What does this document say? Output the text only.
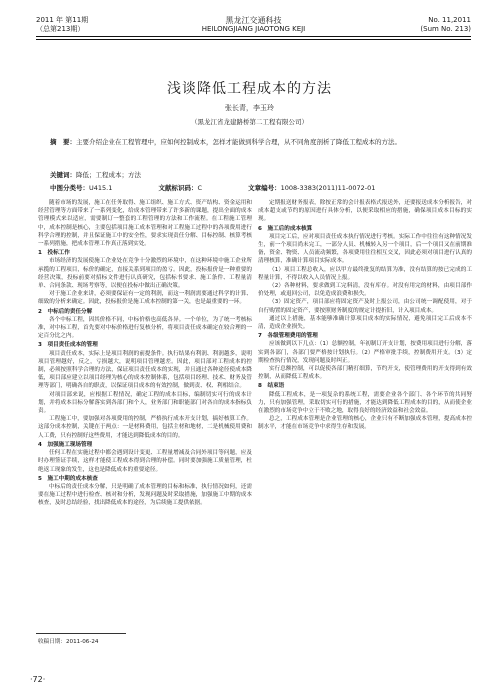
2011 年 第11期
（总第213期）
黑龙江交通科技
HEILONGJIANG JIAOTONG KEJI
No. 11,2011
(Sum No. 213)
浅谈降低工程成本的方法
张长青，李玉玲
（黑龙江省龙建路桥第二工程有限公司）
摘　要：主要介绍企业在工程管理中，应如何控制成本，怎样才能做到科学合理，从不同角度剖析了降低工程成本的方法。
关键词：降低；工程成本；方法
中图分类号：U415.1	文献标识码：C	文章编号：1008-3383(2011)11-0072-01

随着市场的发展，施工在任务取得、施工组织、施工方式、资产结构、资金运用和经营管理等方面带来了一系列变化，给成本管理带来了许多新的课题，提出全面的成本管理模式来以适应，需要制订一整套的工程管理的方法和工作流程。在工程施工管理中，成本控制是核心，主要包括项目施工成本管理和对工程施工过程中的各项费用进行科学合理的控制，并且保证施工中的安全性，要求实现责任分解、目标控制、核算考核一系列措施，把成本管理工作真正落到实处。

1　投标工作

市场经济的发展使施工企业处在竞争十分激烈的环境中，在这种环境中施工企业所承揽的工程项目，标价的确定，直接关系到项目的盈亏。因此，投标报价是一种重要的经营决策，投标前要对招标文件进行认真研究，包括标书要求、施工条件、工程量清单、合同条款、现场考察等，以便在投标中做出正确决策。

对于施工企业来讲，必须要保证有一定的利润，而这一利润需要通过科学的计算、细致的分析来确定。因此，投标报价是施工成本控制的第一关，也是最重要的一环。

2　中标后的责任分解

各个中标工程，因其价格不同，中标价格也高低各异。一个单位，为了统一考核标准，对中标工程，首先要对中标价格进行复核分析，将项目责任成本确定在较合理的一定百分比之内。

3　项目责任成本的管理

项目责任成本，实际上是项目利润的前提条件。执行结果有利润、利润越多，说明项目管理越好，反之，亏损越大，说明项目管理越差。因此，项目部对工程成本的控制，必须按照科学合理的方法，保证项目责任成本的实现，并且通过各种途径使成本降低，项目部应建立以项目经理为核心的成本控制体系，包括项目经理、技术、财务及管理等部门，明确各自的职责，以保证项目成本的有效控制，做到责、权、利相结合。

对项目部来说，应根据工程情况，确定工程的成本目标，编制切实可行的成本计划，并将成本目标分解落实到各部门和个人，业务部门和职能部门对各自的成本指标负责。

工程施工中，要加强对各项费用的控制，严格执行成本开支计划，搞好核算工作。这部分成本控制，关键在于两点：一是材料费用，包括主材和地材，二是机械使用费和人工费，只有控制好这些费用，才能达到降低成本的目的。

4　加强施工现场管理

任何工程在实施过程中都会遇到设计变更、工程量增减及合同外项目等问题，应及时办理签证手续，这样才能使工程成本得到合理的补偿。同时要加强施工质量管理，杜绝返工现象的发生，这也是降低成本的重要途径。

5　施工中期的成本核查

中标后的责任成本分解，只是明确了成本管理的目标和标准，执行情况如何，还需要在施工过程中进行检查、核对和分析，发现问题及时采取措施，加强施工中期的成本核查，及时总结经验，找出降低成本的途径，为后续施工提供依据。

定期报送财务报表，除按正常的会计报表格式报送外，还要报送成本分析报告，对成本超支或节约的原因进行具体分析，以便采取相应的措施，确保项目成本目标的实现。

6　施工后的成本核算

项目完工后，应对项目责任成本执行情况进行考核。实际工作中往往有这种情况发生，前一个项目尚未完工，一部分人员、机械转入另一个项目，后一个项目又在前期准备，资金、物资、人员流动频繁，各项费用往往相互交叉，因此必须对项目进行认真的清理核算，准确计算项目实际成本。

（1）项目工程总收入，应以甲方最终批复的结算为准，没有结算的按已完成的工程量计算，不得以收入人员情况上报。

（2）各种材料，要求做到工完料清，没有库存。对没有用完的材料，由项目部作价处理，或退回公司，以免造成浪费和损失。

（3）固定资产，项目部应将固定资产及时上报公司，由公司统一调配使用，对于自行购置的固定资产，要按照财务制度的规定计提折旧，计入项目成本。

通过以上措施，基本能够准确计算项目成本的实际情况，避免项目完工后成本不清，造成企业损失。

7　各级管理费用的管理

应该做到以下几点：（1）总额控制，年初制订开支计划，按费用项目进行分解，落实到各部门，各部门要严格按计划执行。（2）严格审批手续，控制费用开支。（3）定期检查执行情况，发现问题及时纠正。

实行总额控制，可以促使各部门精打细算，节约开支，使管理费用的开支得到有效控制，从而降低工程成本。

8　结束语

降低工程成本，是一项复杂的系统工程，需要企业各个部门、各个环节的共同努力，只有加强管理，采取切实可行的措施，才能达到降低工程成本的目的，从而使企业在激烈的市场竞争中立于不败之地，取得良好的经济效益和社会效益。

总之，工程成本管理是企业管理的核心，企业只有不断加强成本管理，提高成本控制水平，才能在市场竞争中求得生存和发展。

收稿日期：2011-06-24
·72·
